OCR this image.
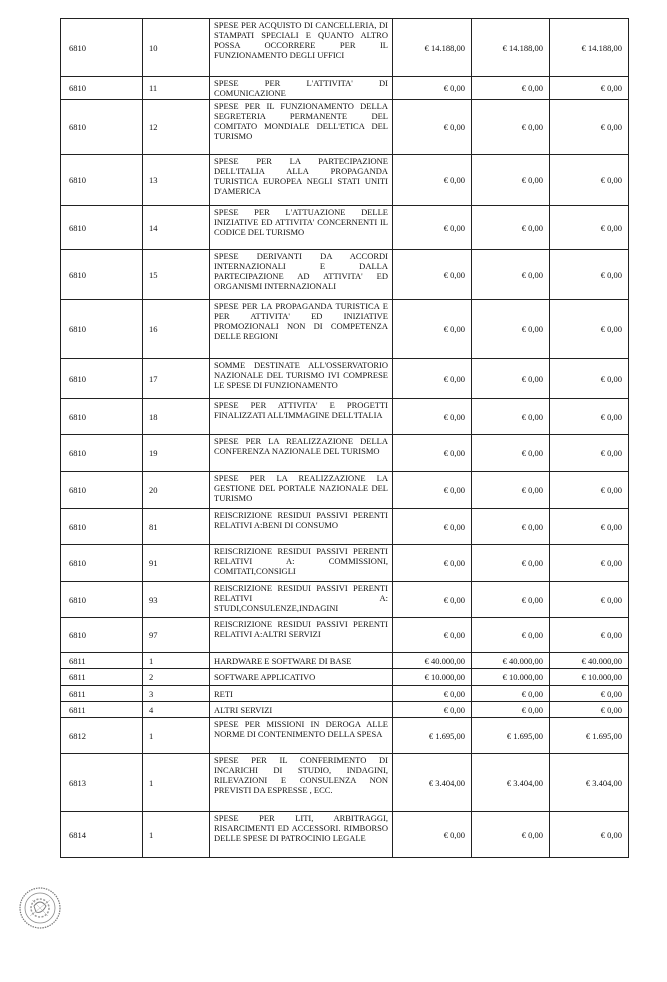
6810	10	SPESE PER ACQUISTO DI CANCELLERIA, DI STAMPATI SPECIALI E QUANTO ALTRO POSSA OCCORRERE PER IL FUNZIONAMENTO DEGLI UFFICI	€ 14.188,00	€ 14.188,00	€ 14.188,00
6810	11	SPESE PER L'ATTIVITA' DI COMUNICAZIONE	€ 0,00	€ 0,00	€ 0,00
6810	12	SPESE PER IL FUNZIONAMENTO DELLA SEGRETERIA PERMANENTE DEL COMITATO MONDIALE DELL'ETICA DEL TURISMO	€ 0,00	€ 0,00	€ 0,00
6810	13	SPESE PER LA PARTECIPAZIONE DELL'ITALIA ALLA PROPAGANDA TURISTICA EUROPEA NEGLI STATI UNITI D'AMERICA	€ 0,00	€ 0,00	€ 0,00
6810	14	SPESE PER L'ATTUAZIONE DELLE INIZIATIVE ED ATTIVITA' CONCERNENTI IL CODICE DEL TURISMO	€ 0,00	€ 0,00	€ 0,00
6810	15	SPESE DERIVANTI DA ACCORDI INTERNAZIONALI E DALLA PARTECIPAZIONE AD ATTIVITA' ED ORGANISMI INTERNAZIONALI	€ 0,00	€ 0,00	€ 0,00
6810	16	SPESE PER LA PROPAGANDA TURISTICA E PER ATTIVITA' ED INIZIATIVE PROMOZIONALI NON DI COMPETENZA DELLE REGIONI	€ 0,00	€ 0,00	€ 0,00
6810	17	SOMME DESTINATE ALL'OSSERVATORIO NAZIONALE DEL TURISMO IVI COMPRESE LE SPESE DI FUNZIONAMENTO	€ 0,00	€ 0,00	€ 0,00
6810	18	SPESE PER ATTIVITA' E PROGETTI FINALIZZATI ALL'IMMAGINE DELL'ITALIA	€ 0,00	€ 0,00	€ 0,00
6810	19	SPESE PER LA REALIZZAZIONE DELLA CONFERENZA NAZIONALE DEL TURISMO	€ 0,00	€ 0,00	€ 0,00
6810	20	SPESE PER LA REALIZZAZIONE LA GESTIONE DEL PORTALE NAZIONALE DEL TURISMO	€ 0,00	€ 0,00	€ 0,00
6810	81	REISCRIZIONE RESIDUI PASSIVI PERENTI RELATIVI A:BENI DI CONSUMO	€ 0,00	€ 0,00	€ 0,00
6810	91	REISCRIZIONE RESIDUI PASSIVI PERENTI RELATIVI A: COMMISSIONI, COMITATI,CONSIGLI	€ 0,00	€ 0,00	€ 0,00
6810	93	REISCRIZIONE RESIDUI PASSIVI PERENTI RELATIVI A: STUDI,CONSULENZE,INDAGINI	€ 0,00	€ 0,00	€ 0,00
6810	97	REISCRIZIONE RESIDUI PASSIVI PERENTI RELATIVI A:ALTRI SERVIZI	€ 0,00	€ 0,00	€ 0,00
6811	1	HARDWARE E SOFTWARE DI BASE	€ 40.000,00	€ 40.000,00	€ 40.000,00
6811	2	SOFTWARE APPLICATIVO	€ 10.000,00	€ 10.000,00	€ 10.000,00
6811	3	RETI	€ 0,00	€ 0,00	€ 0,00
6811	4	ALTRI SERVIZI	€ 0,00	€ 0,00	€ 0,00
6812	1	SPESE PER MISSIONI IN DEROGA ALLE NORME DI CONTENIMENTO DELLA SPESA	€ 1.695,00	€ 1.695,00	€ 1.695,00
6813	1	SPESE PER IL CONFERIMENTO DI INCARICHI DI STUDIO, INDAGINI, RILEVAZIONI E CONSULENZA NON PREVISTI DA ESPRESSE , ECC.	€ 3.404,00	€ 3.404,00	€ 3.404,00
6814	1	SPESE PER LITI, ARBITRAGGI, RISARCIMENTI ED ACCESSORI. RIMBORSO DELLE SPESE DI PATROCINIO LEGALE	€ 0,00	€ 0,00	€ 0,00
